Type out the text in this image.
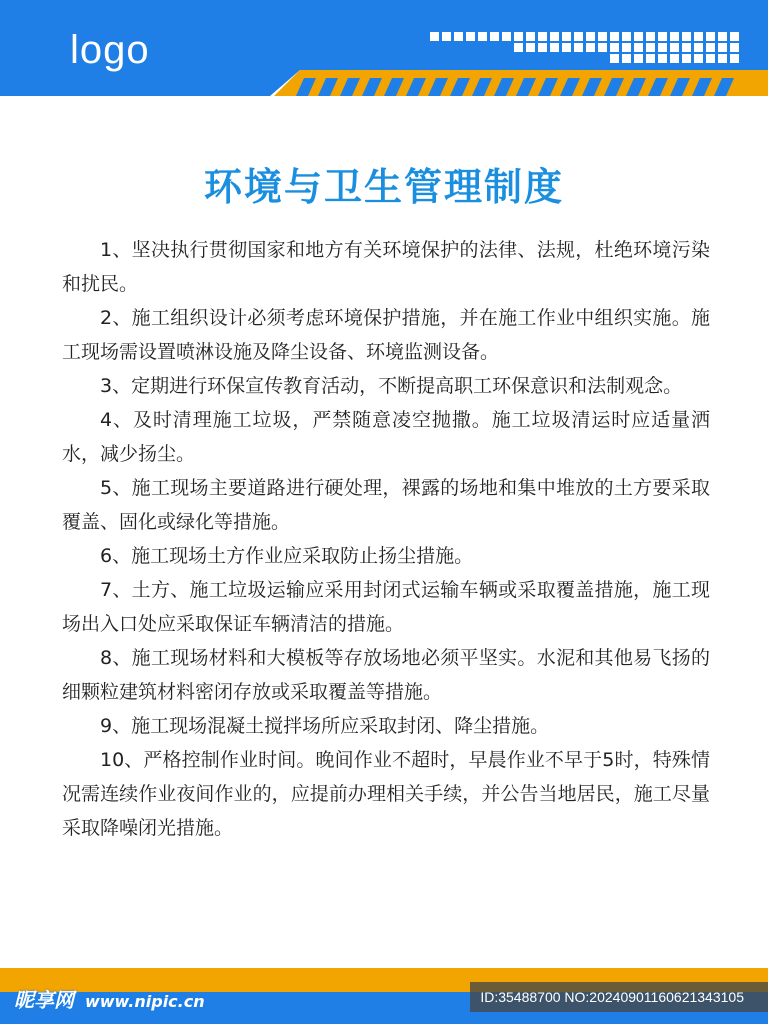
logo
环境与卫生管理制度

1、坚决执行贯彻国家和地方有关环境保护的法律、法规，杜绝环境污染和扰民。

2、施工组织设计必须考虑环境保护措施，并在施工作业中组织实施。施工现场需设置喷淋设施及降尘设备、环境监测设备。

3、定期进行环保宣传教育活动，不断提高职工环保意识和法制观念。

4、及时清理施工垃圾，严禁随意凌空抛撒。施工垃圾清运时应适量洒水，减少扬尘。

5、施工现场主要道路进行硬处理，裸露的场地和集中堆放的土方要采取覆盖、固化或绿化等措施。

6、施工现场土方作业应采取防止扬尘措施。

7、土方、施工垃圾运输应采用封闭式运输车辆或采取覆盖措施，施工现场出入口处应采取保证车辆清洁的措施。

8、施工现场材料和大模板等存放场地必须平坚实。水泥和其他易飞扬的细颗粒建筑材料密闭存放或采取覆盖等措施。

9、施工现场混凝土搅拌场所应采取封闭、降尘措施。

10、严格控制作业时间。晚间作业不超时，早晨作业不早于5时，特殊情况需连续作业夜间作业的，应提前办理相关手续，并公告当地居民，施工尽量采取降噪闭光措施。

昵享网 www.nipic.cn	ID:35488700 NO:20240901160621343105
